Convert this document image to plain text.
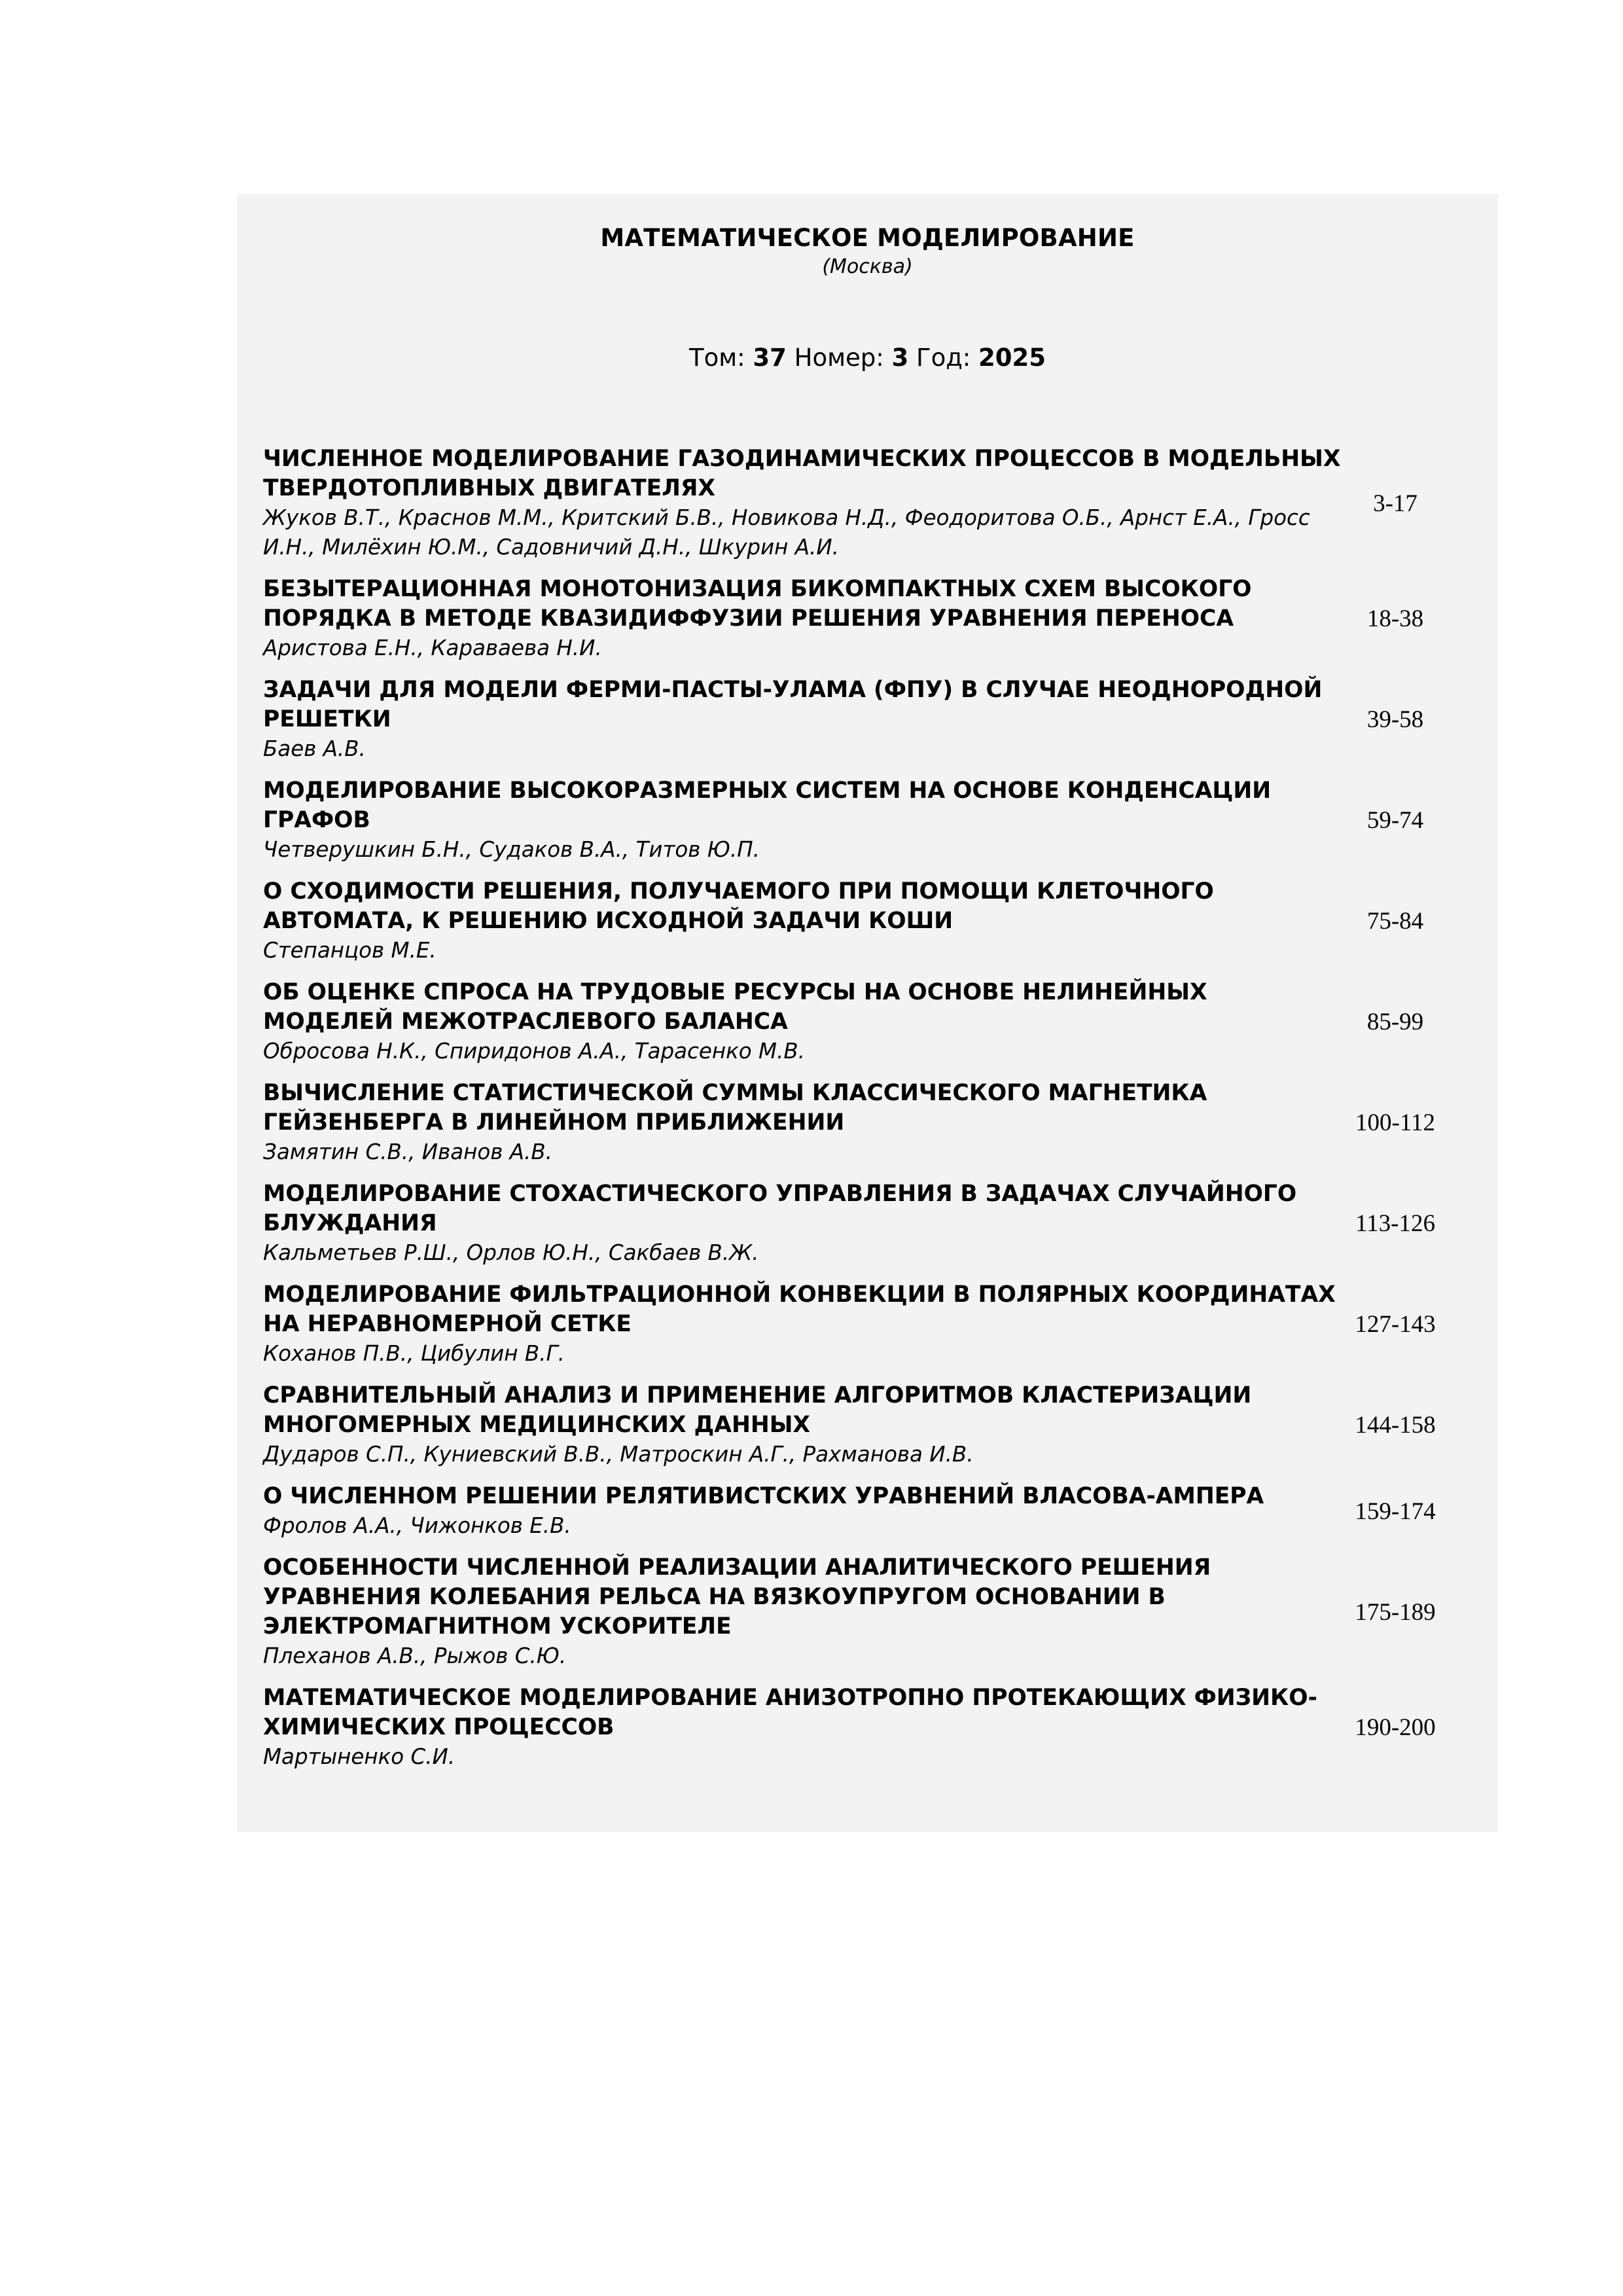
МАТЕМАТИЧЕСКОЕ МОДЕЛИРОВАНИЕ
(Москва)
Том: 37 Номер: 3 Год: 2025
ЧИСЛЕННОЕ МОДЕЛИРОВАНИЕ ГАЗОДИНАМИЧЕСКИХ ПРОЦЕССОВ В МОДЕЛЬНЫХ ТВЕРДОТОПЛИВНЫХ ДВИГАТЕЛЯХ
Жуков В.Т., Краснов М.М., Критский Б.В., Новикова Н.Д., Феодоритова О.Б., Арнст Е.А., Гросс И.Н., Милёхин Ю.М., Садовничий Д.Н., Шкурин А.И.
3-17
БЕЗЫТЕРАЦИОННАЯ МОНОТОНИЗАЦИЯ БИКОМПАКТНЫХ СХЕМ ВЫСОКОГО ПОРЯДКА В МЕТОДЕ КВАЗИДИФФУЗИИ РЕШЕНИЯ УРАВНЕНИЯ ПЕРЕНОСА
Аристова Е.Н., Караваева Н.И.
18-38
ЗАДАЧИ ДЛЯ МОДЕЛИ ФЕРМИ-ПАСТЫ-УЛАМА (ФПУ) В СЛУЧАЕ НЕОДНОРОДНОЙ РЕШЕТКИ
Баев А.В.
39-58
МОДЕЛИРОВАНИЕ ВЫСОКОРАЗМЕРНЫХ СИСТЕМ НА ОСНОВЕ КОНДЕНСАЦИИ ГРАФОВ
Четверушкин Б.Н., Судаков В.А., Титов Ю.П.
59-74
О СХОДИМОСТИ РЕШЕНИЯ, ПОЛУЧАЕМОГО ПРИ ПОМОЩИ КЛЕТОЧНОГО АВТОМАТА, К РЕШЕНИЮ ИСХОДНОЙ ЗАДАЧИ КОШИ
Степанцов М.Е.
75-84
ОБ ОЦЕНКЕ СПРОСА НА ТРУДОВЫЕ РЕСУРСЫ НА ОСНОВЕ НЕЛИНЕЙНЫХ МОДЕЛЕЙ МЕЖОТРАСЛЕВОГО БАЛАНСА
Обросова Н.К., Спиридонов А.А., Тарасенко М.В.
85-99
ВЫЧИСЛЕНИЕ СТАТИСТИЧЕСКОЙ СУММЫ КЛАССИЧЕСКОГО МАГНЕТИКА ГЕЙЗЕНБЕРГА В ЛИНЕЙНОМ ПРИБЛИЖЕНИИ
Замятин С.В., Иванов А.В.
100-112
МОДЕЛИРОВАНИЕ СТОХАСТИЧЕСКОГО УПРАВЛЕНИЯ В ЗАДАЧАХ СЛУЧАЙНОГО БЛУЖДАНИЯ
Кальметьев Р.Ш., Орлов Ю.Н., Сакбаев В.Ж.
113-126
МОДЕЛИРОВАНИЕ ФИЛЬТРАЦИОННОЙ КОНВЕКЦИИ В ПОЛЯРНЫХ КООРДИНАТАХ НА НЕРАВНОМЕРНОЙ СЕТКЕ
Коханов П.В., Цибулин В.Г.
127-143
СРАВНИТЕЛЬНЫЙ АНАЛИЗ И ПРИМЕНЕНИЕ АЛГОРИТМОВ КЛАСТЕРИЗАЦИИ МНОГОМЕРНЫХ МЕДИЦИНСКИХ ДАННЫХ
Дударов С.П., Куниевский В.В., Матроскин А.Г., Рахманова И.В.
144-158
О ЧИСЛЕННОМ РЕШЕНИИ РЕЛЯТИВИСТСКИХ УРАВНЕНИЙ ВЛАСОВА-АМПЕРА
Фролов А.А., Чижонков Е.В.
159-174
ОСОБЕННОСТИ ЧИСЛЕННОЙ РЕАЛИЗАЦИИ АНАЛИТИЧЕСКОГО РЕШЕНИЯ УРАВНЕНИЯ КОЛЕБАНИЯ РЕЛЬСА НА ВЯЗКОУПРУГОМ ОСНОВАНИИ В ЭЛЕКТРОМАГНИТНОМ УСКОРИТЕЛЕ
Плеханов А.В., Рыжов С.Ю.
175-189
МАТЕМАТИЧЕСКОЕ МОДЕЛИРОВАНИЕ АНИЗОТРОПНО ПРОТЕКАЮЩИХ ФИЗИКО-ХИМИЧЕСКИХ ПРОЦЕССОВ
Мартыненко С.И.
190-200
